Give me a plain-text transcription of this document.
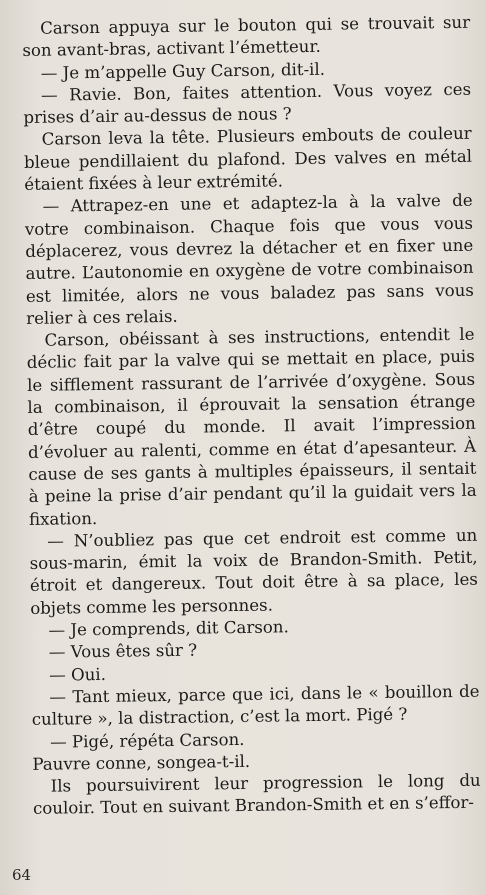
Carson appuya sur le bouton qui se trouvait sur son avant-bras, activant l’émetteur.

— Je m’appelle Guy Carson, dit-il.

— Ravie. Bon, faites attention. Vous voyez ces prises d’air au-dessus de nous ?

Carson leva la tête. Plusieurs embouts de couleur bleue pendillaient du plafond. Des valves en métal étaient fixées à leur extrémité.

— Attrapez-en une et adaptez-la à la valve de votre combinaison. Chaque fois que vous vous déplacerez, vous devrez la détacher et en fixer une autre. L’autonomie en oxygène de votre combinaison est limitée, alors ne vous baladez pas sans vous relier à ces relais.

Carson, obéissant à ses instructions, entendit le déclic fait par la valve qui se mettait en place, puis le sifflement rassurant de l’arrivée d’oxygène. Sous la combinaison, il éprouvait la sensation étrange d’être coupé du monde. Il avait l’impression d’évoluer au ralenti, comme en état d’apesanteur. À cause de ses gants à multiples épaisseurs, il sentait à peine la prise d’air pendant qu’il la guidait vers la fixation.

— N’oubliez pas que cet endroit est comme un sous-marin, émit la voix de Brandon-Smith. Petit, étroit et dangereux. Tout doit être à sa place, les objets comme les personnes.

— Je comprends, dit Carson.

— Vous êtes sûr ?

— Oui.

— Tant mieux, parce que ici, dans le « bouillon de culture », la distraction, c’est la mort. Pigé ?

— Pigé, répéta Carson.

Pauvre conne, songea-t-il.

Ils poursuivirent leur progression le long du couloir. Tout en suivant Brandon-Smith et en s’effor-

64
